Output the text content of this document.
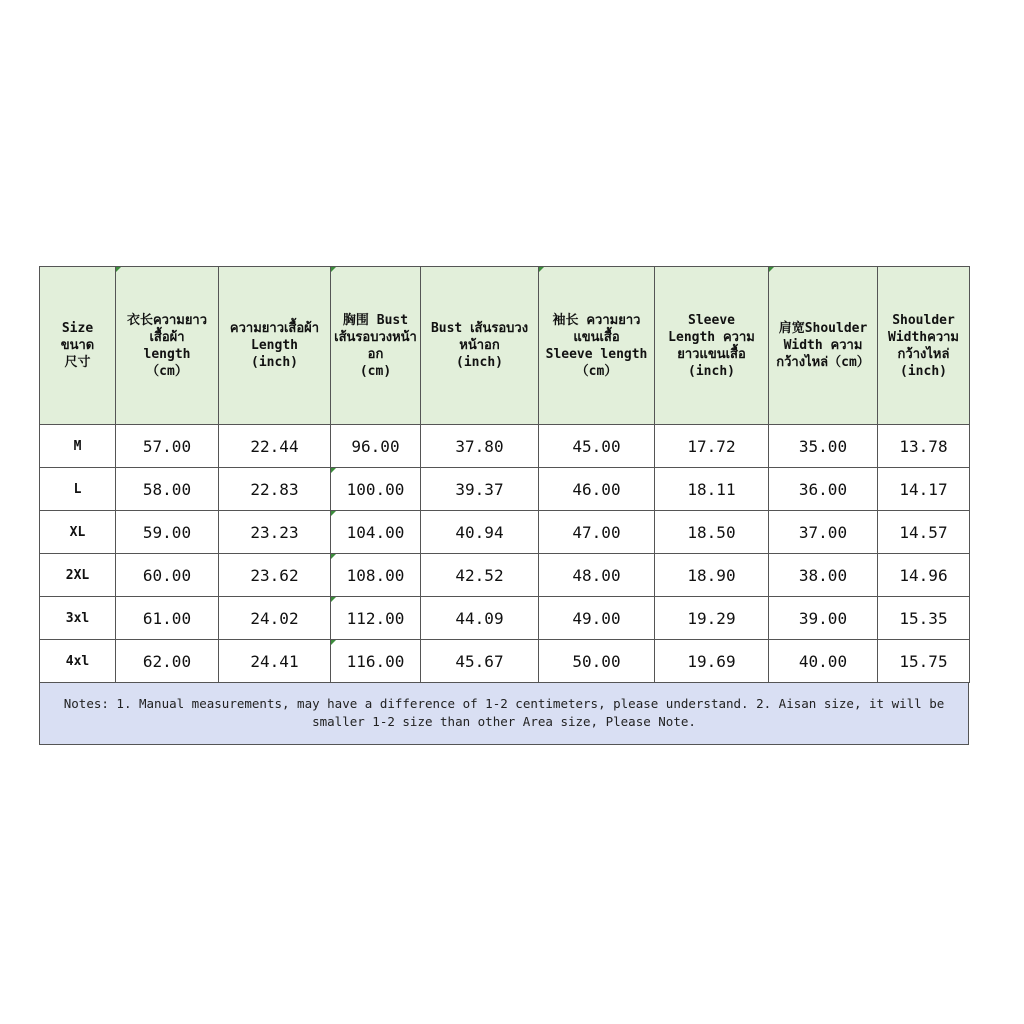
Size
ขนาด
尺寸	衣长ความยาว
เสื้อผ้า
length
（cm）	ความยาวเสื้อผ้า
Length
(inch)	胸围 Bust
เส้นรอบวงหน้า
อก
(cm)	Bust เส้นรอบวง
หน้าอก
(inch)	袖长 ความยาว
แขนเสื้อ
Sleeve length
（cm）	Sleeve
Length ความ
ยาวแขนเสื้อ
(inch)	肩宽Shoulder
Width ความ
กว้างไหล่（cm）	Shoulder
Widthความ
กว้างไหล่
(inch)

M	57.00	22.44	96.00	37.80	45.00	17.72	35.00	13.78
L	58.00	22.83	100.00	39.37	46.00	18.11	36.00	14.17
XL	59.00	23.23	104.00	40.94	47.00	18.50	37.00	14.57
2XL	60.00	23.62	108.00	42.52	48.00	18.90	38.00	14.96
3xl	61.00	24.02	112.00	44.09	49.00	19.29	39.00	15.35
4xl	62.00	24.41	116.00	45.67	50.00	19.69	40.00	15.75
Notes: 1. Manual measurements, may have a difference of 1-2 centimeters, please understand. 2. Aisan size, it will be
smaller 1-2 size than other Area size, Please Note.
